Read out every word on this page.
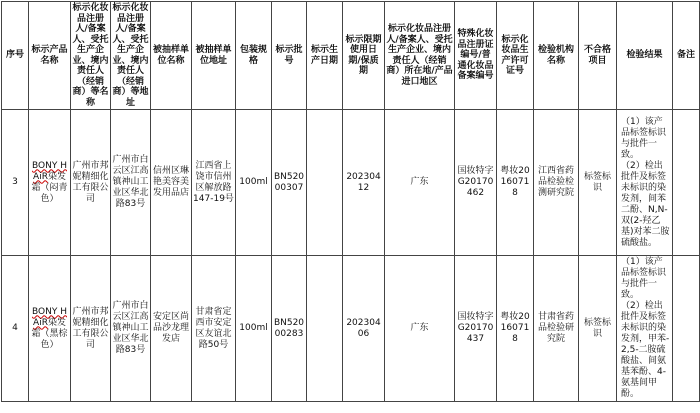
序号	标示产品名称	标示化妆品注册人/备案人、受托生产企业、境内责任人（经销商）等名称	标示化妆品注册人/备案人、受托生产企业、境内责任人（经销商）等地址	被抽样单位名称	被抽样单位地址	包装规格	标示批号	标示生产日期	标示限期使用日期/保质期	标示化妆品注册人/备案人、受托生产企业、境内责任人（经销商）所在地/产品进口地区	特殊化妆品注册证编号/普通化妆品备案编号	标示化妆品生产许可证号	检验机构名称	不合格项目	检验结果	备注
3	BONY HAiR染发霜（闷青色）	广州市邦妮精细化工有限公司	广州市白云区江高镇神山工业区华北路83号	信州区琳艳美容美发用品店	江西省上饶市信州区解放路147-19号	100ml	BN52000307		20230412	广东	国妆特字G20170462	粤妆20160718	江西省药品检验检测研究院	标签标识	（1）该产品标签标识与批件一致。
（2）检出批件及标签未标识的染发剂，间苯二酚、N,N-双(2-羟乙基)对苯二胺硫酸盐。	
4	BONY HAiR染发霜（黑棕色）	广州市邦妮精细化工有限公司	广州市白云区江高镇神山工业区华北路83号	安定区尚品沙龙理发店	甘肃省定西市安定区友谊北路50号	100ml	BN52000283		20230406	广东	国妆特字G20170437	粤妆20160718	甘肃省药品检验研究院	标签标识	（1）该产品标签标识与批件一致。
（2）检出批件及标签未标识的染发剂，甲苯-2,5-二胺硫酸盐、间氨基苯酚、4-氨基间甲酚。	
